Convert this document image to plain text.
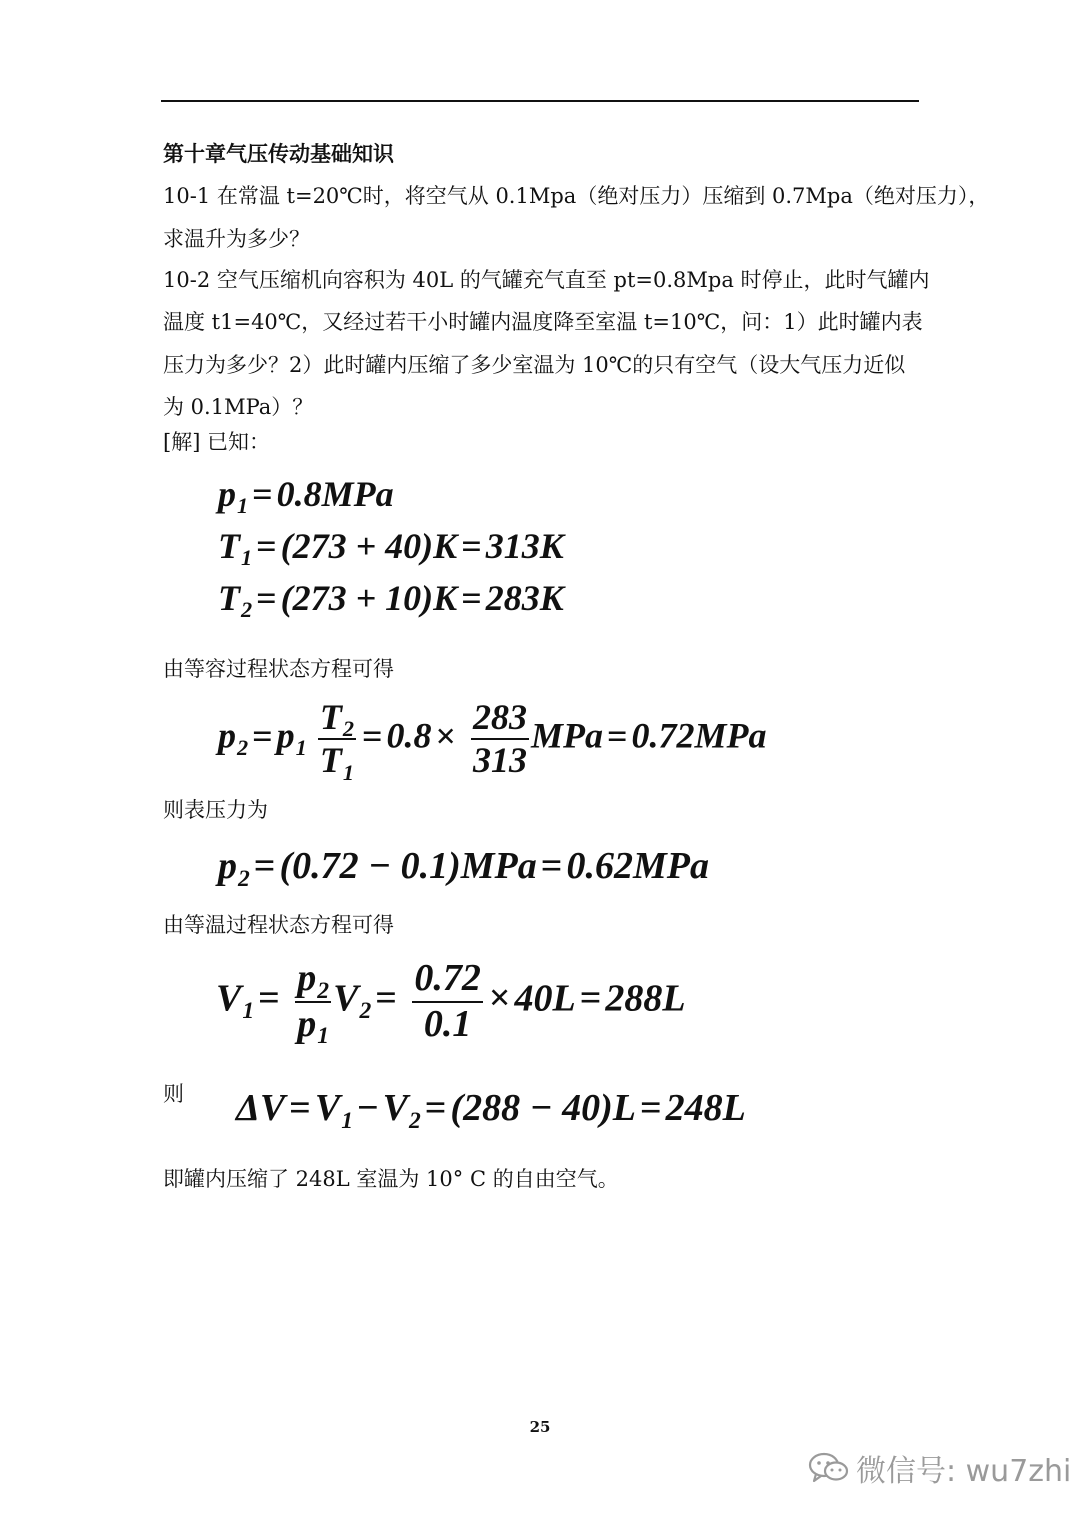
第十章气压传动基础知识
10-1 在常温 t=20℃时，将空气从 0.1Mpa（绝对压力）压缩到 0.7Mpa（绝对压力），
求温升为多少？
10-2 空气压缩机向容积为 40L 的气罐充气直至 pt=0.8Mpa 时停止，此时气罐内
温度 t1=40℃，又经过若干小时罐内温度降至室温 t=10℃，问：1）此时罐内表
压力为多少？2）此时罐内压缩了多少室温为 10℃的只有空气（设大气压力近似
为 0.1MPa）？
[解] 已知：
p1 = 0.8MPa
T1 = (273 + 40)K = 313K
T2 = (273 + 10)K = 283K
由等容过程状态方程可得
$p2 = p1 \frac{T2}{T1} = 0.8 \times \frac{283}{313}$ MPa = 0.72MPa
则表压力为
p2 = (0.72 − 0.1)MPa = 0.62MPa
由等温过程状态方程可得
$V1 = \frac{p2}{p1} V2 = \frac{0.72}{0.1} \times 40L = 288L$
则 ΔV = V1 − V2 = (288 − 40)L = 248L
即罐内压缩了 248L 室温为 10° C 的自由空气。
25
微信号: wu7zhi
